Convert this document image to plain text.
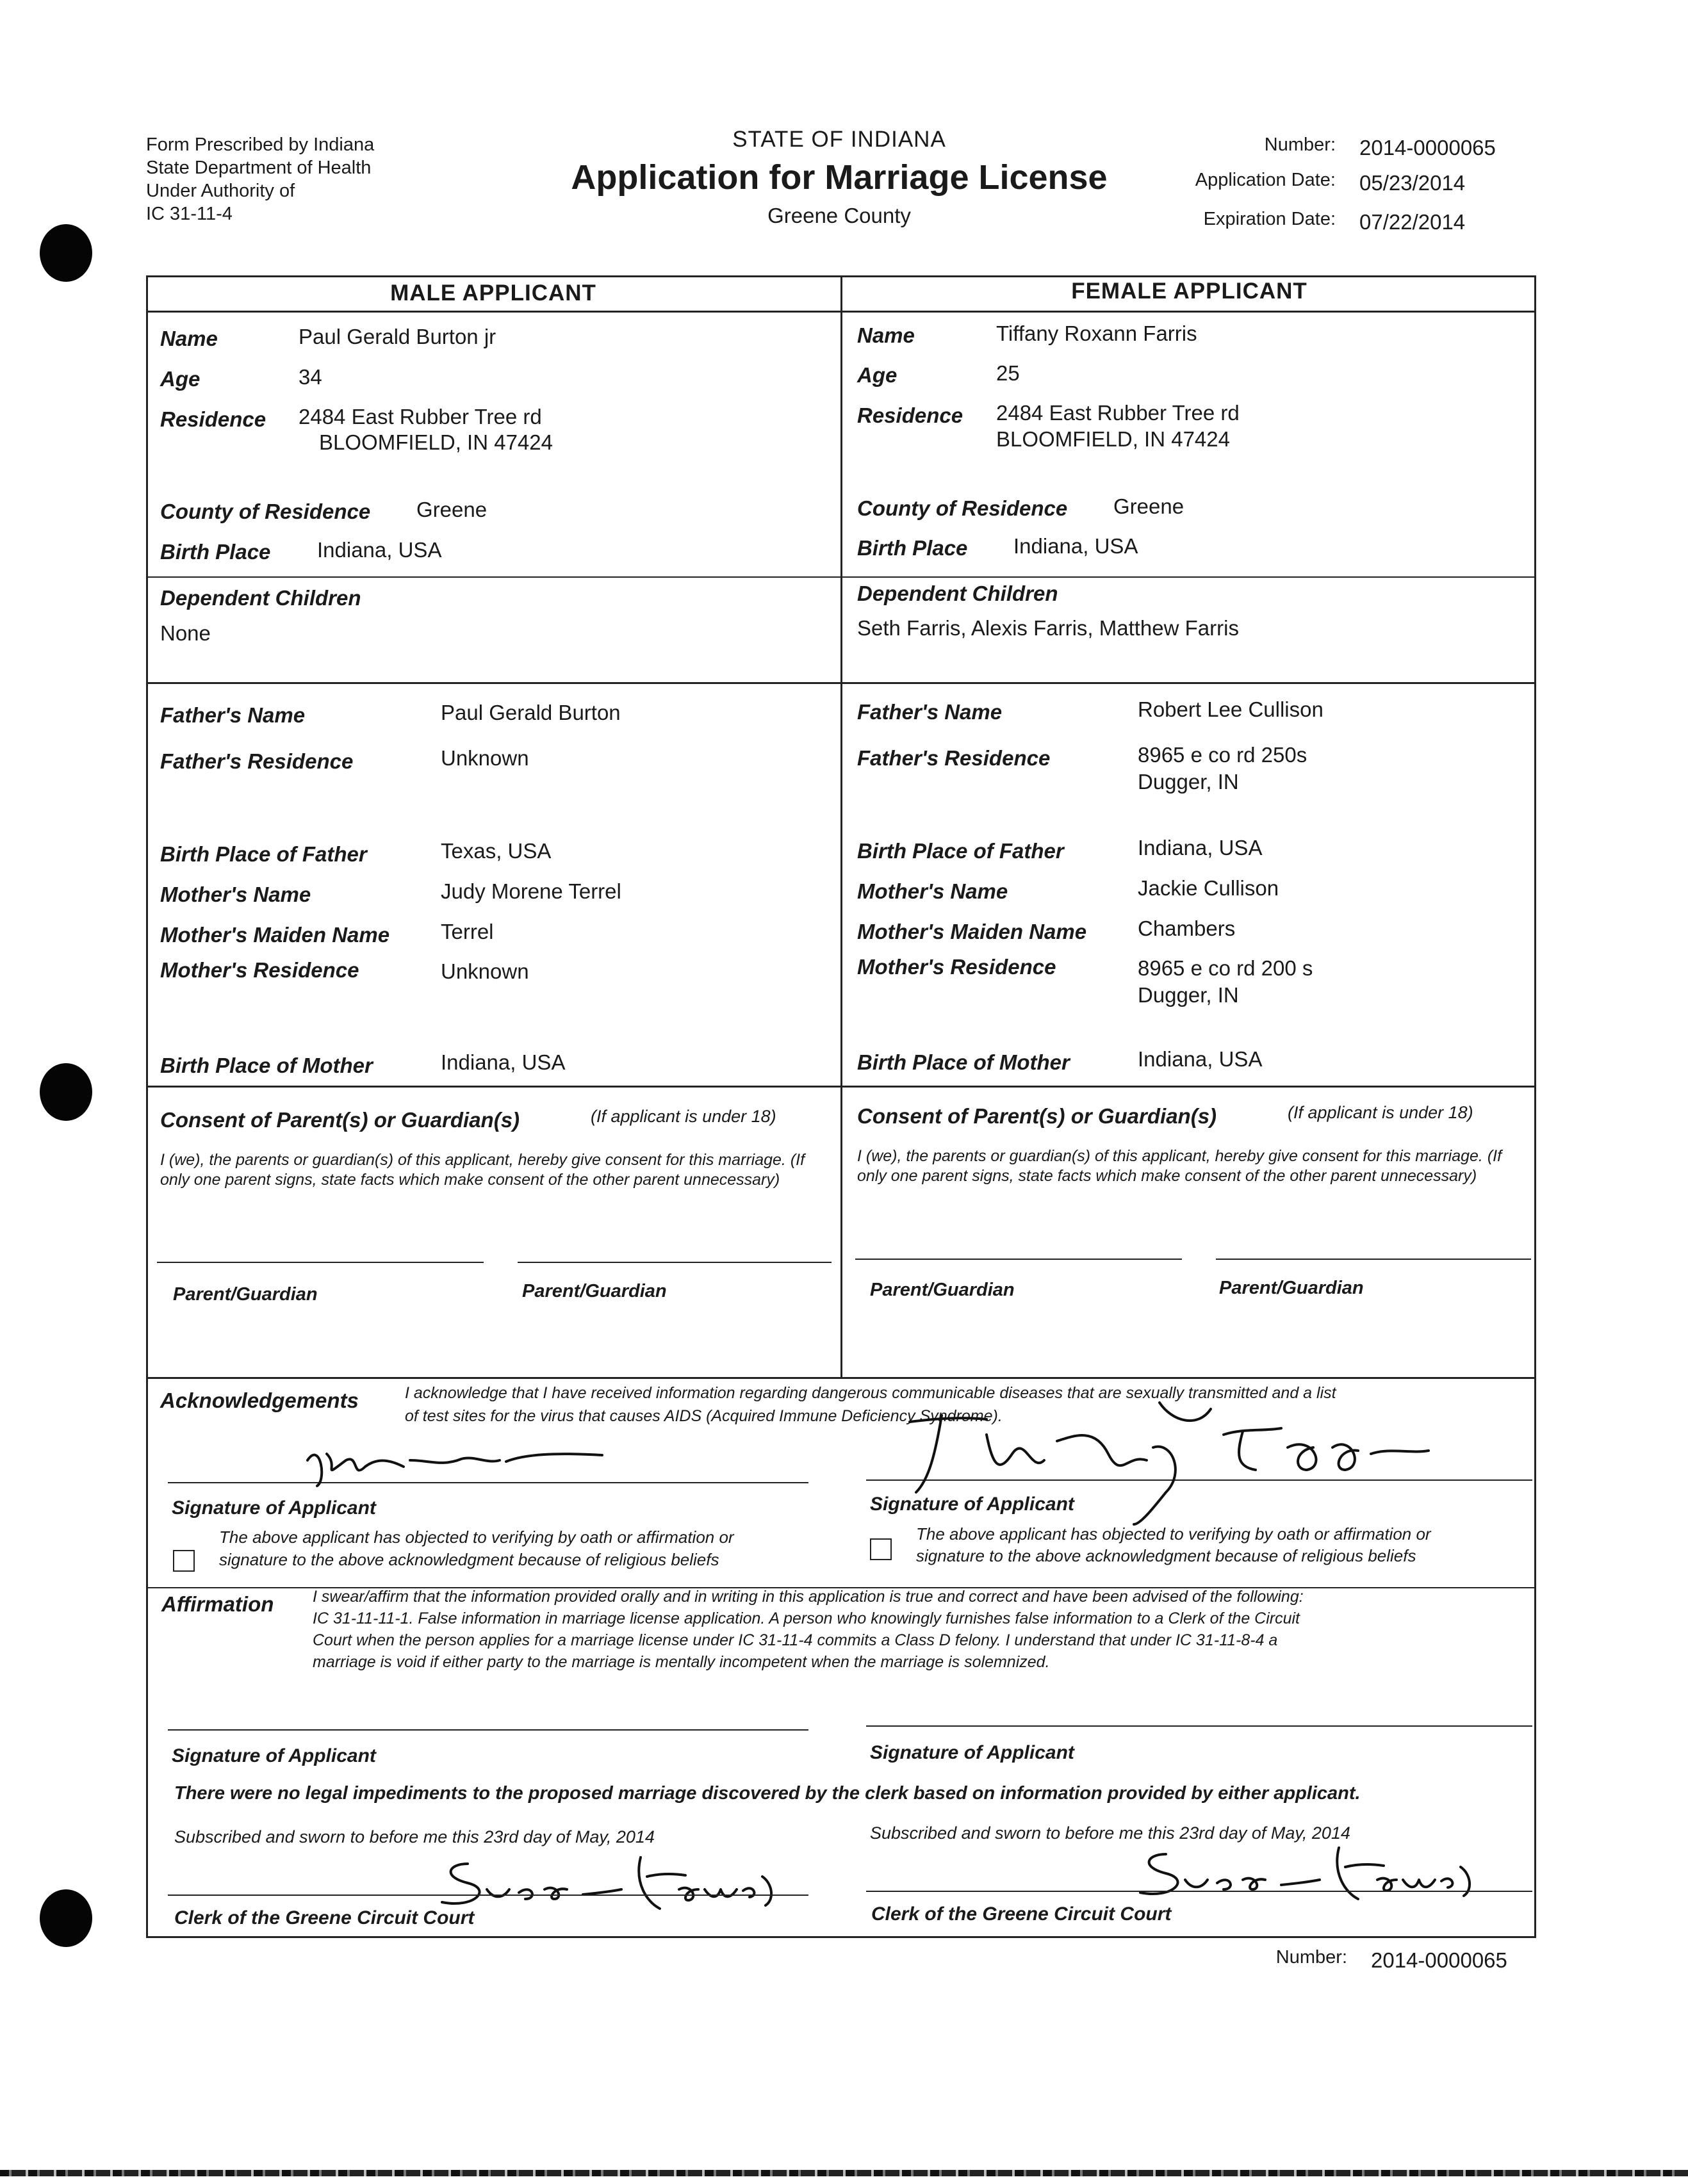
Form Prescribed by Indiana
State Department of Health
Under Authority of
IC 31-11-4
STATE OF INDIANA
Application for Marriage License
Greene County
Number: 2014-0000065
Application Date: 05/23/2014
Expiration Date: 07/22/2014
MALE APPLICANT	FEMALE APPLICANT
Name	Paul Gerald Burton jr
Age	34
Residence 2484 East Rubber Tree rd
BLOOMFIELD, IN 47424
County of Residence Greene
Birth Place Indiana, USA
Dependent Children
None
Father's Name	Paul Gerald Burton
Father's Residence	Unknown
Birth Place of Father	Texas, USA
Mother's Name	Judy Morene Terrel
Mother's Maiden Name Terrel
Mother's Residence	Unknown
Birth Place of Mother	Indiana, USA
Name	Tiffany Roxann Farris
Age	25
Residence 2484 East Rubber Tree rd
BLOOMFIELD, IN 47424
County of Residence Greene
Birth Place Indiana, USA
Dependent Children
Seth Farris, Alexis Farris, Matthew Farris
Father's Name	Robert Lee Cullison
Father's Residence	8965 e co rd 250s
Dugger, IN
Birth Place of Father	Indiana, USA
Mother's Name	Jackie Cullison
Mother's Maiden Name Chambers
Mother's Residence	8965 e co rd 200 s
Dugger, IN
Birth Place of Mother	Indiana, USA
Consent of Parent(s) or Guardian(s)	(If applicant is under 18)
I (we), the parents or guardian(s) of this applicant, hereby give consent for this marriage. (If only one parent signs, state facts which make consent of the other parent unnecessary)
Parent/Guardian	Parent/Guardian
Consent of Parent(s) or Guardian(s)	(If applicant is under 18)
I (we), the parents or guardian(s) of this applicant, hereby give consent for this marriage. (If only one parent signs, state facts which make consent of the other parent unnecessary)
Parent/Guardian	Parent/Guardian
Acknowledgements	I acknowledge that I have received information regarding dangerous communicable diseases that are sexually transmitted and a list
of test sites for the virus that causes AIDS (Acquired Immune Deficiency Syndrome).
Signature of Applicant	Signature of Applicant
The above applicant has objected to verifying by oath or affirmation or
signature to the above acknowledgment because of religious beliefs
The above applicant has objected to verifying by oath or affirmation or
signature to the above acknowledgment because of religious beliefs
Affirmation I swear/affirm that the information provided orally and in writing in this application is true and correct and have been advised of the following:
IC 31-11-11-1. False information in marriage license application. A person who knowingly furnishes false information to a Clerk of the Circuit
Court when the person applies for a marriage license under IC 31-11-4 commits a Class D felony. I understand that under IC 31-11-8-4 a
marriage is void if either party to the marriage is mentally incompetent when the marriage is solemnized.
Signature of Applicant	Signature of Applicant
There were no legal impediments to the proposed marriage discovered by the clerk based on information provided by either applicant.
Subscribed and sworn to before me this 23rd day of May, 2014	Subscribed and sworn to before me this 23rd day of May, 2014
Clerk of the Greene Circuit Court	Clerk of the Greene Circuit Court
Number: 2014-0000065
